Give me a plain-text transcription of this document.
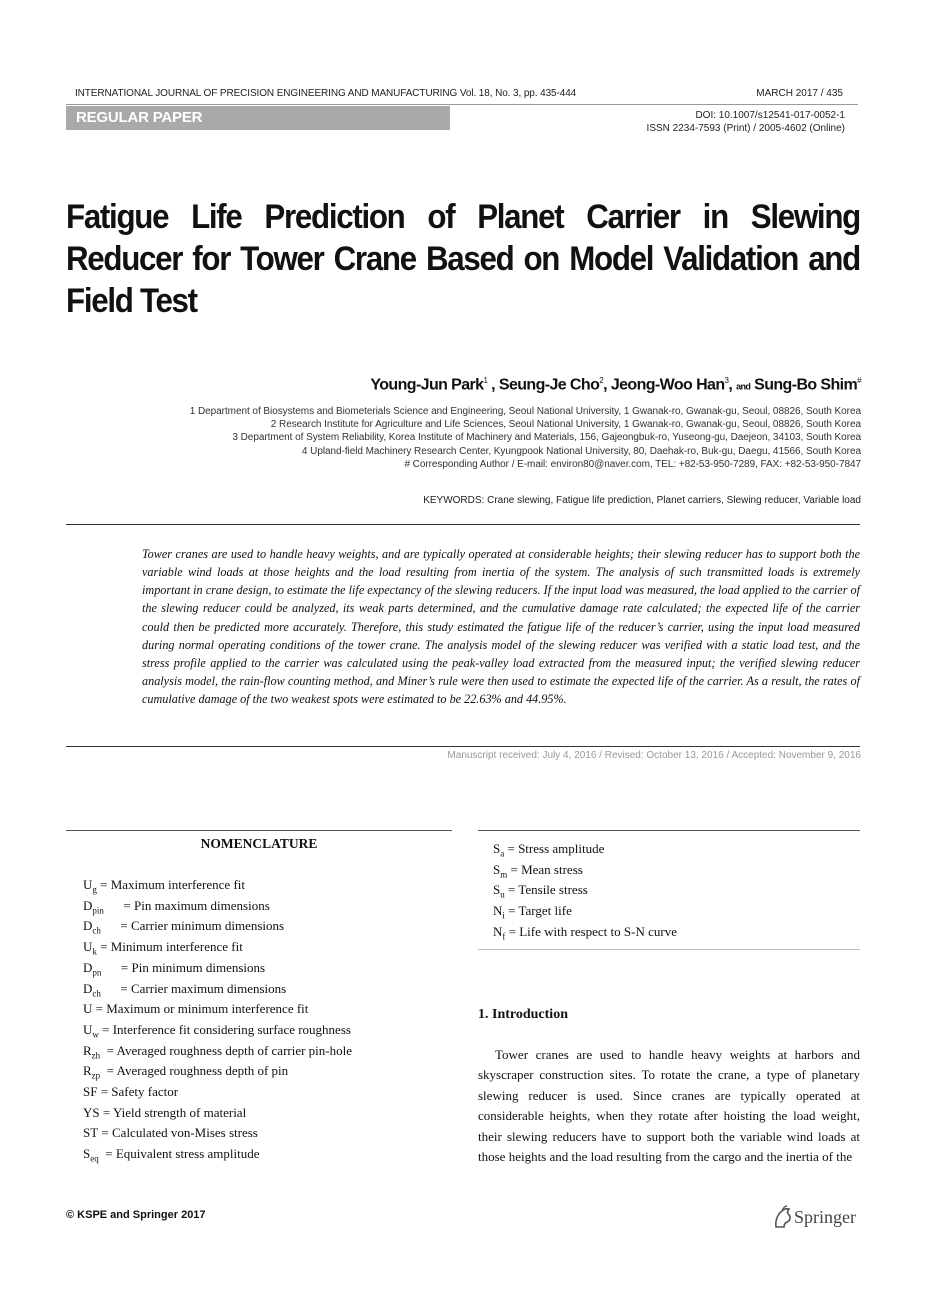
INTERNATIONAL JOURNAL OF PRECISION ENGINEERING AND MANUFACTURING Vol. 18, No. 3, pp. 435-444	MARCH 2017 / 435
REGULAR PAPER	DOI: 10.1007/s12541-017-0052-1
ISSN 2234-7593 (Print) / 2005-4602 (Online)
Fatigue Life Prediction of Planet Carrier in Slewing Reducer for Tower Crane Based on Model Validation and Field Test
Young-Jun Park$^1$ , Seung-Je Cho$^2$, Jeong-Woo Han$^3$, and Sung-Bo Shim#
1 Department of Biosystems and Biometerials Science and Engineering, Seoul National University, 1 Gwanak-ro, Gwanak-gu, Seoul, 08826, South Korea
2 Research Institute for Agriculture and Life Sciences, Seoul National University, 1 Gwanak-ro, Gwanak-gu, Seoul, 08826, South Korea
3 Department of System Reliability, Korea Institute of Machinery and Materials, 156, Gajeongbuk-ro, Yuseong-gu, Daejeon, 34103, South Korea
4 Upland-field Machinery Research Center, Kyungpook National University, 80, Daehak-ro, Buk-gu, Daegu, 41566, South Korea
# Corresponding Author / E-mail: environ80@naver.com, TEL: +82-53-950-7289, FAX: +82-53-950-7847
KEYWORDS: Crane slewing, Fatigue life prediction, Planet carriers, Slewing reducer, Variable load
Tower cranes are used to handle heavy weights, and are typically operated at considerable heights; their slewing reducer has to support both the variable wind loads at those heights and the load resulting from inertia of the system. The analysis of such transmitted loads is extremely important in crane design, to estimate the life expectancy of the slewing reducers. If the input load was measured, the load applied to the carrier of the slewing reducer could be analyzed, its weak parts determined, and the cumulative damage rate calculated; the expected life of the carrier could then be predicted more accurately. Therefore, this study estimated the fatigue life of the reducer’s carrier, using the input load measured during normal operating conditions of the tower crane. The analysis model of the slewing reducer was verified with a static load test, and the stress profile applied to the carrier was calculated using the peak-valley load extracted from the measured input; the verified slewing reducer analysis model, the rain-flow counting method, and Miner’s rule were then used to estimate the expected life of the carrier. As a result, the rates of cumulative damage of the two weakest spots were estimated to be 22.63% and 44.95%.
Manuscript received: July 4, 2016 / Revised: October 13, 2016 / Accepted: November 9, 2016
NOMENCLATURE
$U_g$ = Maximum interference fit
$D_{pin}$      = Pin maximum dimensions
$D_{ch}$      = Carrier minimum dimensions
$U_k$ = Minimum interference fit
$D_{pn}$      = Pin minimum dimensions
$D_{ch}$      = Carrier maximum dimensions
U = Maximum or minimum interference fit
$U_w$ = Interference fit considering surface roughness
$R_{zh}$  = Averaged roughness depth of carrier pin-hole
$R_{zp}$  = Averaged roughness depth of pin
SF = Safety factor
YS = Yield strength of material
ST = Calculated von-Mises stress
$S_{eq}$  = Equivalent stress amplitude
$S_a$ = Stress amplitude
$S_m$ = Mean stress
$S_u$ = Tensile stress
$N_i$ = Target life
$N_f$ = Life with respect to S-N curve
1. Introduction
Tower cranes are used to handle heavy weights at harbors and skyscraper construction sites. To rotate the crane, a type of planetary slewing reducer is used. Since cranes are typically operated at considerable heights, when they rotate after hoisting the load weight, their slewing reducers have to support both the variable wind loads at those heights and the load resulting from the cargo and the inertia of the
© KSPE and Springer 2017	Springer
